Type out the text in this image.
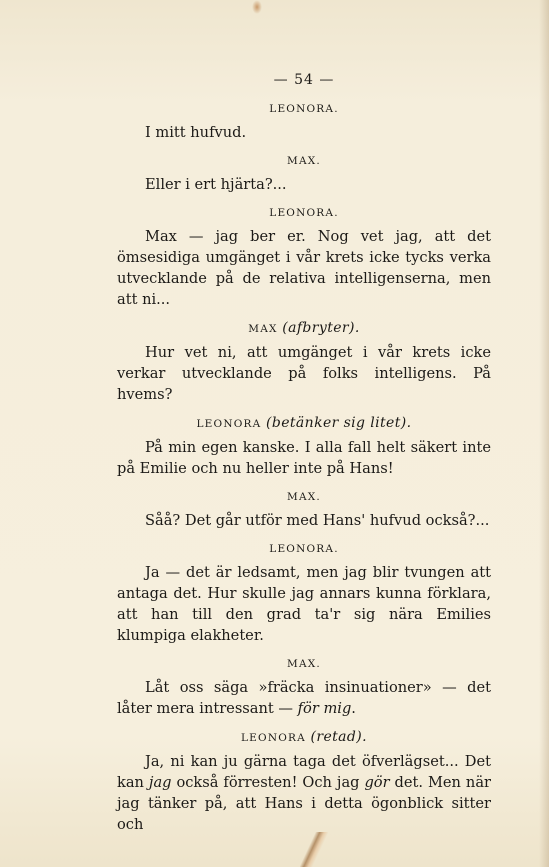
— 54 —
LEONORA.

I mitt hufvud.

MAX.

Eller i ert hjärta?...

LEONORA.

Max — jag ber er. Nog vet jag, att det ömsesidiga umgänget i vår krets icke tycks verka utvecklande på de relativa intelligenserna, men att ni...

MAX (afbryter).

Hur vet ni, att umgänget i vår krets icke verkar utvecklande på folks intelligens. På hvems?

LEONORA (betänker sig litet).

På min egen kanske. I alla fall helt säkert inte på Emilie och nu heller inte på Hans!

MAX.

Såå? Det går utför med Hans' hufvud också?...

LEONORA.

Ja — det är ledsamt, men jag blir tvungen att antaga det. Hur skulle jag annars kunna förklara, att han till den grad ta'r sig nära Emilies klumpiga elakheter.

MAX.

Låt oss säga »fräcka insinuationer» — det låter mera intressant — för mig.

LEONORA (retad).

Ja, ni kan ju gärna taga det öfverlägset... Det kan jag också förresten! Och jag gör det. Men när jag tänker på, att Hans i detta ögonblick sitter och
